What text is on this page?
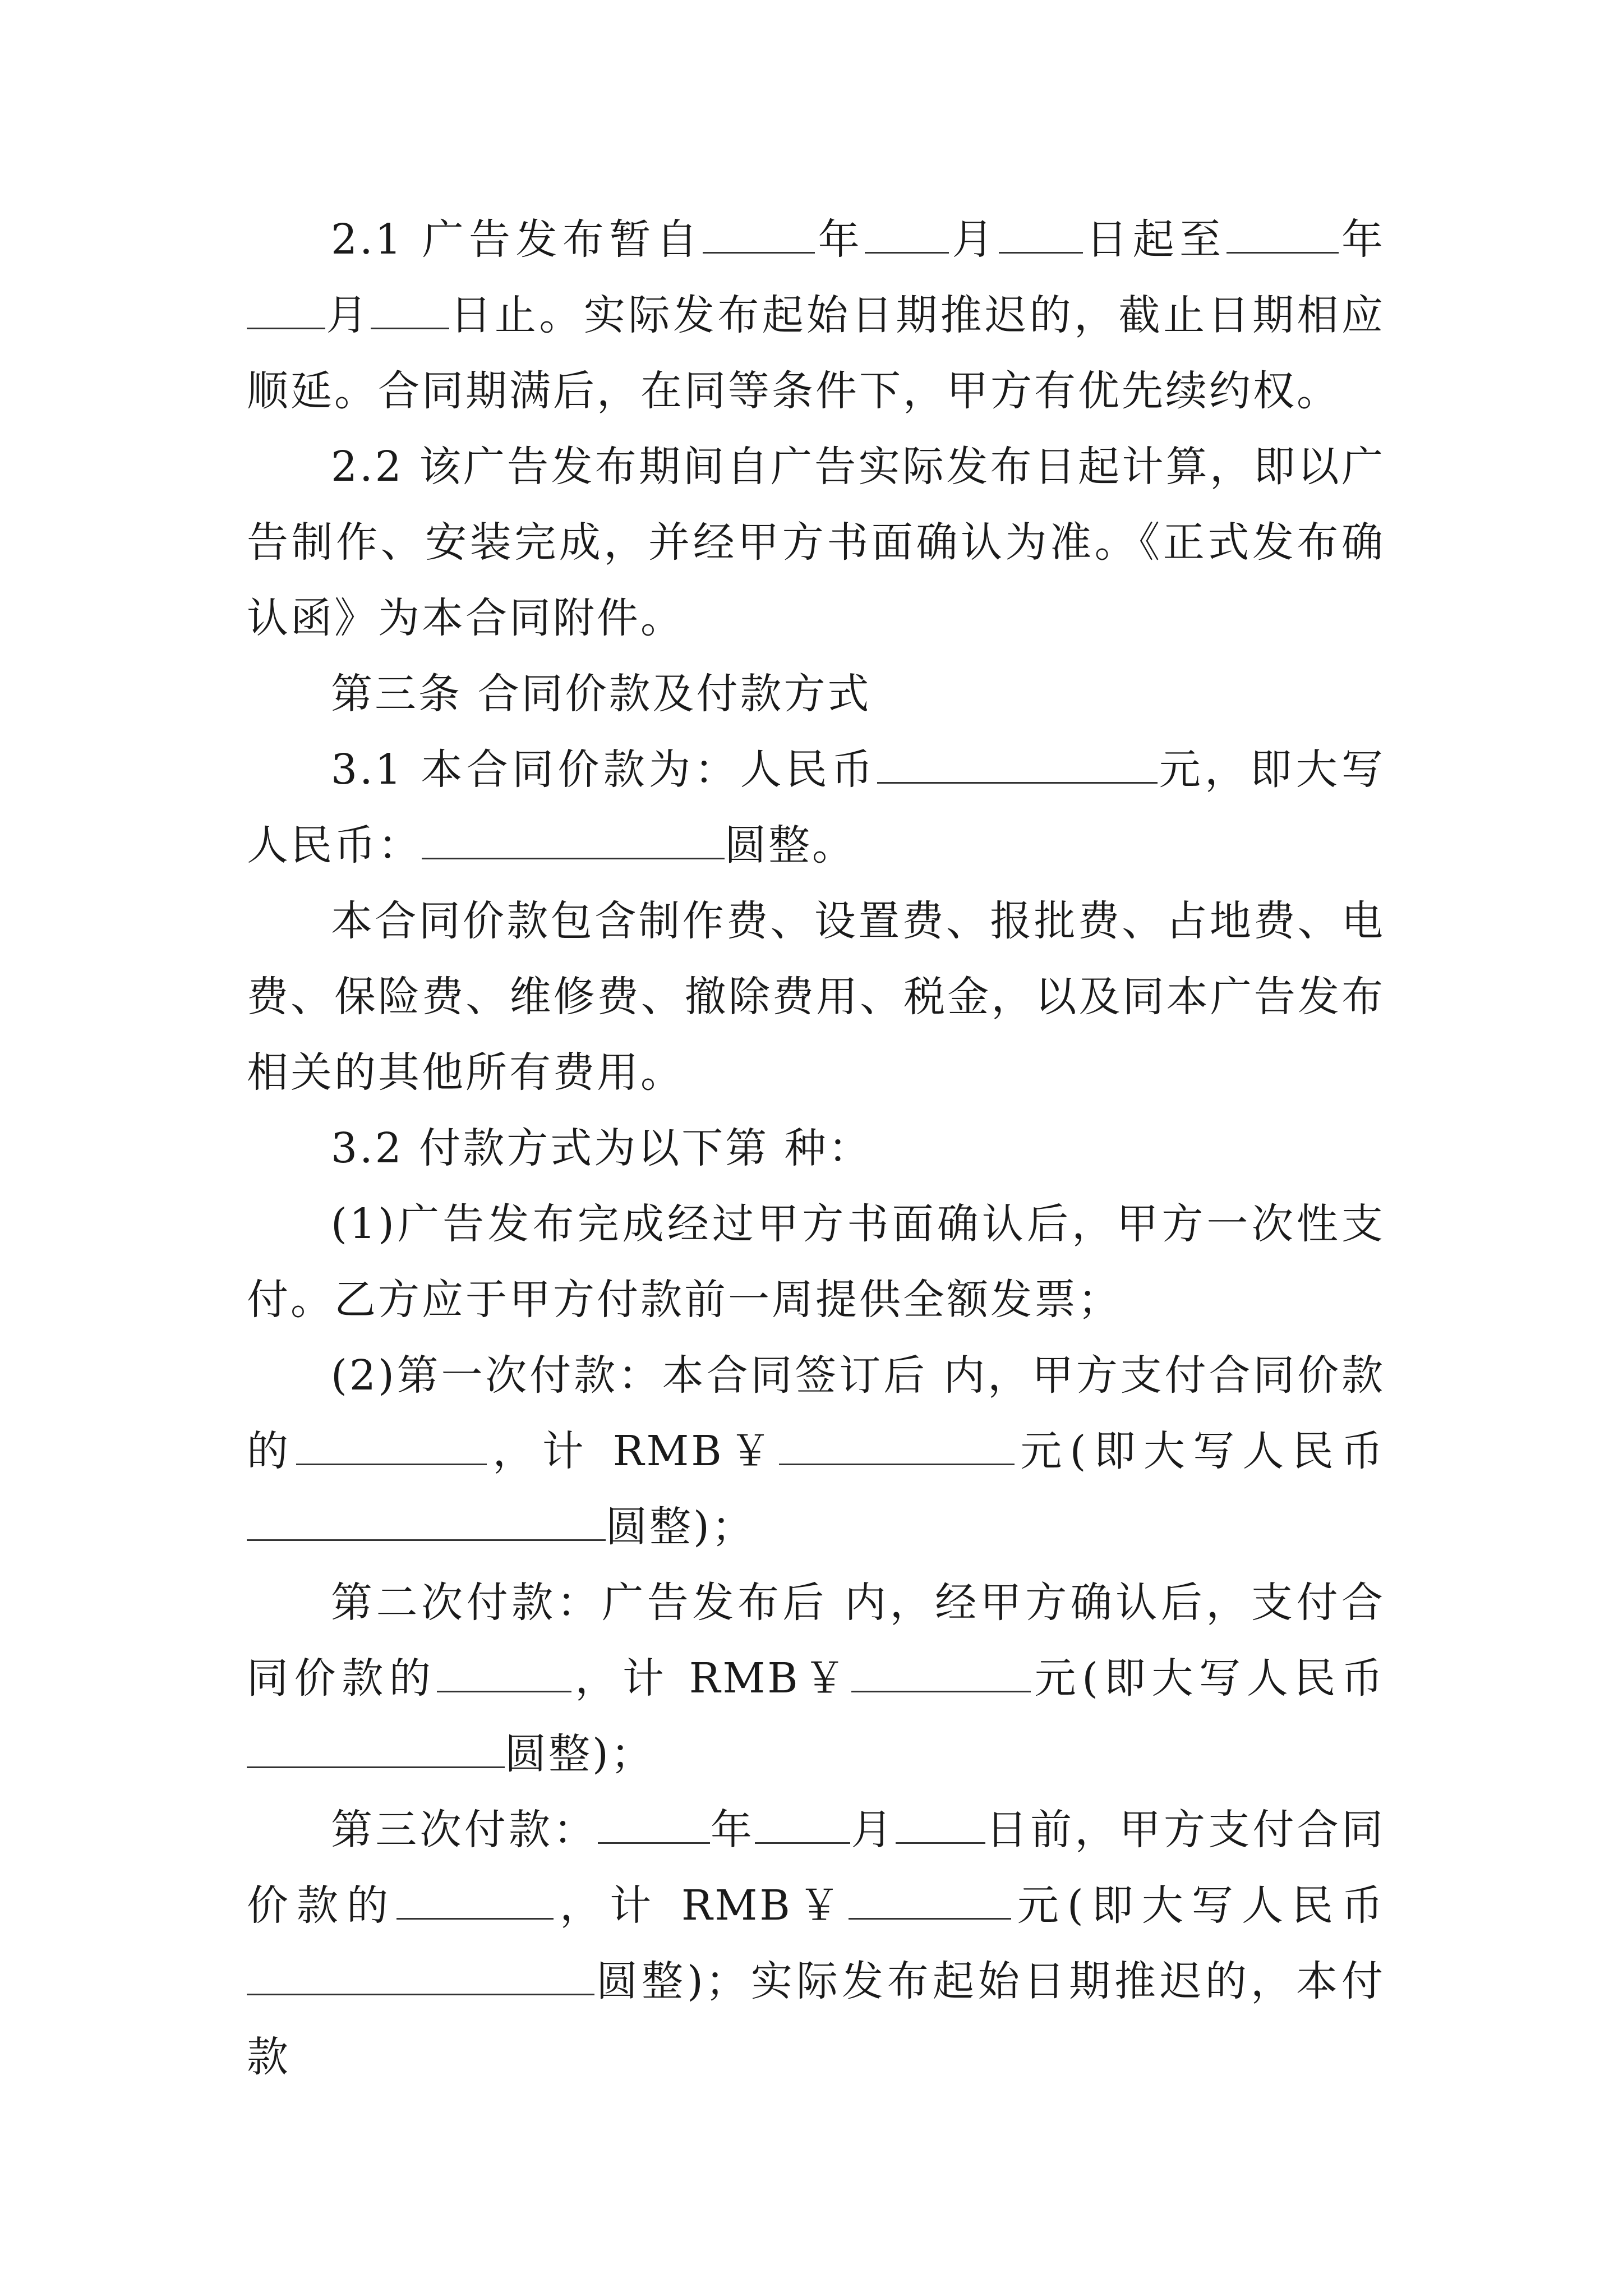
2.1 广告发布暂自	年 月 日起至	年月 日止。实际发布起始日期推迟的，截止日期相应顺延。合同期满后，在同等条件下，甲方有优先续约权。

2.2 该广告发布期间自广告实际发布日起计算，即以广告制作、安装完成，并经甲方书面确认为准。《正式发布确认函》为本合同附件。

第三条 合同价款及付款方式

3.1 本合同价款为：人民币	元，即大写人民币：	圆整。

本合同价款包含制作费、设置费、报批费、占地费、电费、保险费、维修费、撤除费用、税金，以及同本广告发布相关的其他所有费用。

3.2 付款方式为以下第 种：

(1)广告发布完成经过甲方书面确认后，甲方一次性支付。乙方应于甲方付款前一周提供全额发票；

(2)第一次付款：本合同签订后 内，甲方支付合同价款的	，计 RMB￥	元(即大写人民币圆整)；

第二次付款：广告发布后 内，经甲方确认后，支付合同价款的	，计 RMB￥	元(即大写人民币圆整)；

第三次付款：	年 月 日前，甲方支付合同价款的	，计 RMB￥	元(即大写人民币圆整)；实际发布起始日期推迟的，本付款
